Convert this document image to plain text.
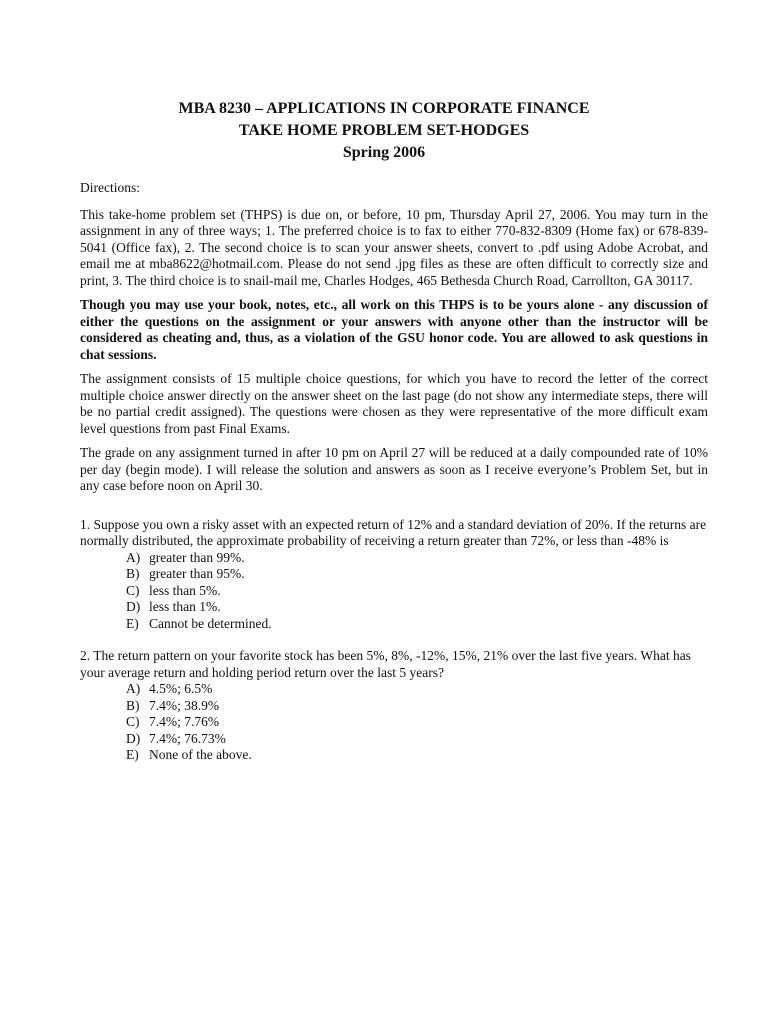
MBA 8230 – APPLICATIONS IN CORPORATE FINANCE
TAKE HOME PROBLEM SET-HODGES
Spring 2006

Directions:

This take-home problem set (THPS) is due on, or before, 10 pm, Thursday April 27, 2006. You may turn in the assignment in any of three ways; 1. The preferred choice is to fax to either 770-832-8309 (Home fax) or 678-839-5041 (Office fax), 2. The second choice is to scan your answer sheets, convert to .pdf using Adobe Acrobat, and email me at mba8622@hotmail.com. Please do not send .jpg files as these are often difficult to correctly size and print, 3. The third choice is to snail-mail me, Charles Hodges, 465 Bethesda Church Road, Carrollton, GA 30117.

Though you may use your book, notes, etc., all work on this THPS is to be yours alone - any discussion of either the questions on the assignment or your answers with anyone other than the instructor will be considered as cheating and, thus, as a violation of the GSU honor code. You are allowed to ask questions in chat sessions.

The assignment consists of 15 multiple choice questions, for which you have to record the letter of the correct multiple choice answer directly on the answer sheet on the last page (do not show any intermediate steps, there will be no partial credit assigned). The questions were chosen as they were representative of the more difficult exam level questions from past Final Exams.

The grade on any assignment turned in after 10 pm on April 27 will be reduced at a daily compounded rate of 10% per day (begin mode). I will release the solution and answers as soon as I receive everyone’s Problem Set, but in any case before noon on April 30.

1. Suppose you own a risky asset with an expected return of 12% and a standard deviation of 20%. If the returns are normally distributed, the approximate probability of receiving a return greater than 72%, or less than -48% is

A) greater than 99%.
B) greater than 95%.
C) less than 5%.
D) less than 1%.
E) Cannot be determined.

2. The return pattern on your favorite stock has been 5%, 8%, -12%, 15%, 21% over the last five years. What has your average return and holding period return over the last 5 years?

A) 4.5%; 6.5%
B) 7.4%; 38.9%
C) 7.4%; 7.76%
D) 7.4%; 76.73%
E) None of the above.
